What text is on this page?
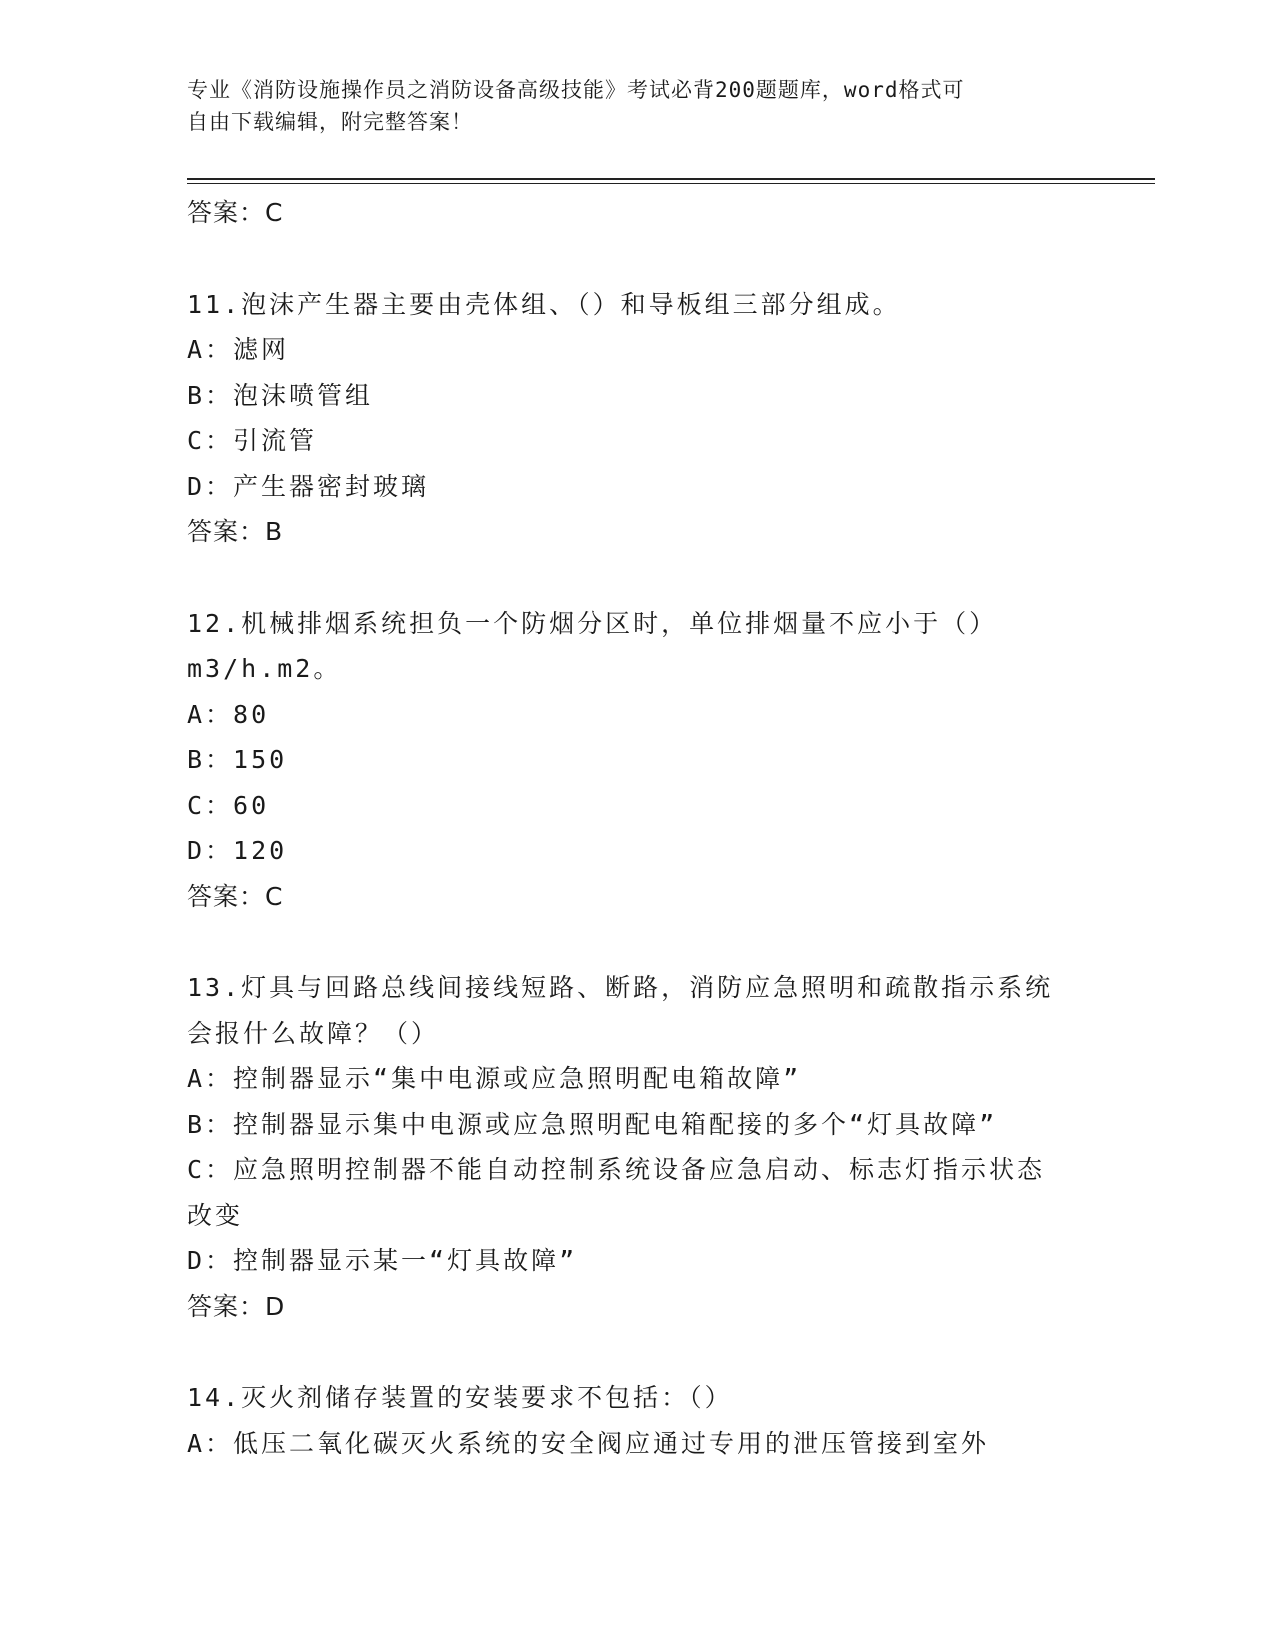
专业《消防设施操作员之消防设备高级技能》考试必背200题题库，word格式可
自由下载编辑，附完整答案！
答案：C
11.泡沫产生器主要由壳体组、（）和导板组三部分组成。
A：滤网
B：泡沫喷管组
C：引流管
D：产生器密封玻璃
答案：B
12.机械排烟系统担负一个防烟分区时，单位排烟量不应小于（）
m3/h.m2。
A：80
B：150
C：60
D：120
答案：C
13.灯具与回路总线间接线短路、断路，消防应急照明和疏散指示系统
会报什么故障？（）
A：控制器显示“集中电源或应急照明配电箱故障”
B：控制器显示集中电源或应急照明配电箱配接的多个“灯具故障”
C：应急照明控制器不能自动控制系统设备应急启动、标志灯指示状态
改变
D：控制器显示某一“灯具故障”
答案：D
14.灭火剂储存装置的安装要求不包括：（）
A：低压二氧化碳灭火系统的安全阀应通过专用的泄压管接到室外
